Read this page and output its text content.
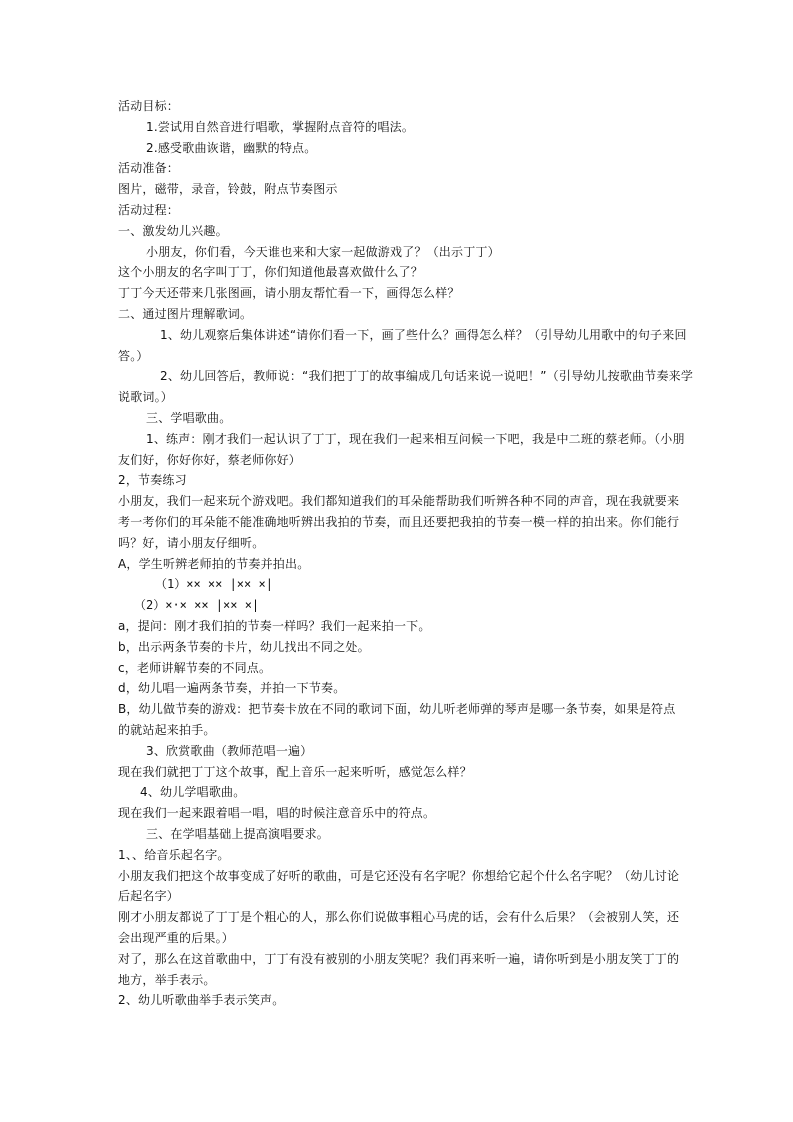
活动目标：
1.尝试用自然音进行唱歌，掌握附点音符的唱法。
2.感受歌曲诙谐，幽默的特点。
活动准备：
图片，磁带，录音，铃鼓，附点节奏图示
活动过程：
一、激发幼儿兴趣。
小朋友，你们看，今天谁也来和大家一起做游戏了？（出示丁丁）
这个小朋友的名字叫丁丁，你们知道他最喜欢做什么了？
丁丁今天还带来几张图画，请小朋友帮忙看一下，画得怎么样？
二、通过图片理解歌词。
1、幼儿观察后集体讲述“请你们看一下，画了些什么？画得怎么样？（引导幼儿用歌中的句子来回
答。）
2、幼儿回答后，教师说：“我们把丁丁的故事编成几句话来说一说吧！”（引导幼儿按歌曲节奏来学
说歌词。）
三、学唱歌曲。
1、练声：刚才我们一起认识了丁丁，现在我们一起来相互问候一下吧，我是中二班的蔡老师。（小朋
友们好，你好你好，蔡老师你好）
2，节奏练习
小朋友，我们一起来玩个游戏吧。我们都知道我们的耳朵能帮助我们听辨各种不同的声音，现在我就要来
考一考你们的耳朵能不能准确地听辨出我拍的节奏，而且还要把我拍的节奏一模一样的拍出来。你们能行
吗？好，请小朋友仔细听。
A，学生听辨老师拍的节奏并拍出。
（1）×× ×× |×× ×|
（2）×·× ×× |×× ×|
a，提问：刚才我们拍的节奏一样吗？我们一起来拍一下。
b，出示两条节奏的卡片，幼儿找出不同之处。
c，老师讲解节奏的不同点。
d，幼儿唱一遍两条节奏，并拍一下节奏。
B，幼儿做节奏的游戏：把节奏卡放在不同的歌词下面，幼儿听老师弹的琴声是哪一条节奏，如果是符点
的就站起来拍手。
3、欣赏歌曲（教师范唱一遍）
现在我们就把丁丁这个故事，配上音乐一起来听听，感觉怎么样？
4、幼儿学唱歌曲。
现在我们一起来跟着唱一唱，唱的时候注意音乐中的符点。
三、在学唱基础上提高演唱要求。
1、、给音乐起名字。
小朋友我们把这个故事变成了好听的歌曲，可是它还没有名字呢？你想给它起个什么名字呢？（幼儿讨论
后起名字）
刚才小朋友都说了丁丁是个粗心的人，那么你们说做事粗心马虎的话，会有什么后果？（会被别人笑，还
会出现严重的后果。）
对了，那么在这首歌曲中，丁丁有没有被别的小朋友笑呢？我们再来听一遍，请你听到是小朋友笑丁丁的
地方，举手表示。
2、幼儿听歌曲举手表示笑声。
